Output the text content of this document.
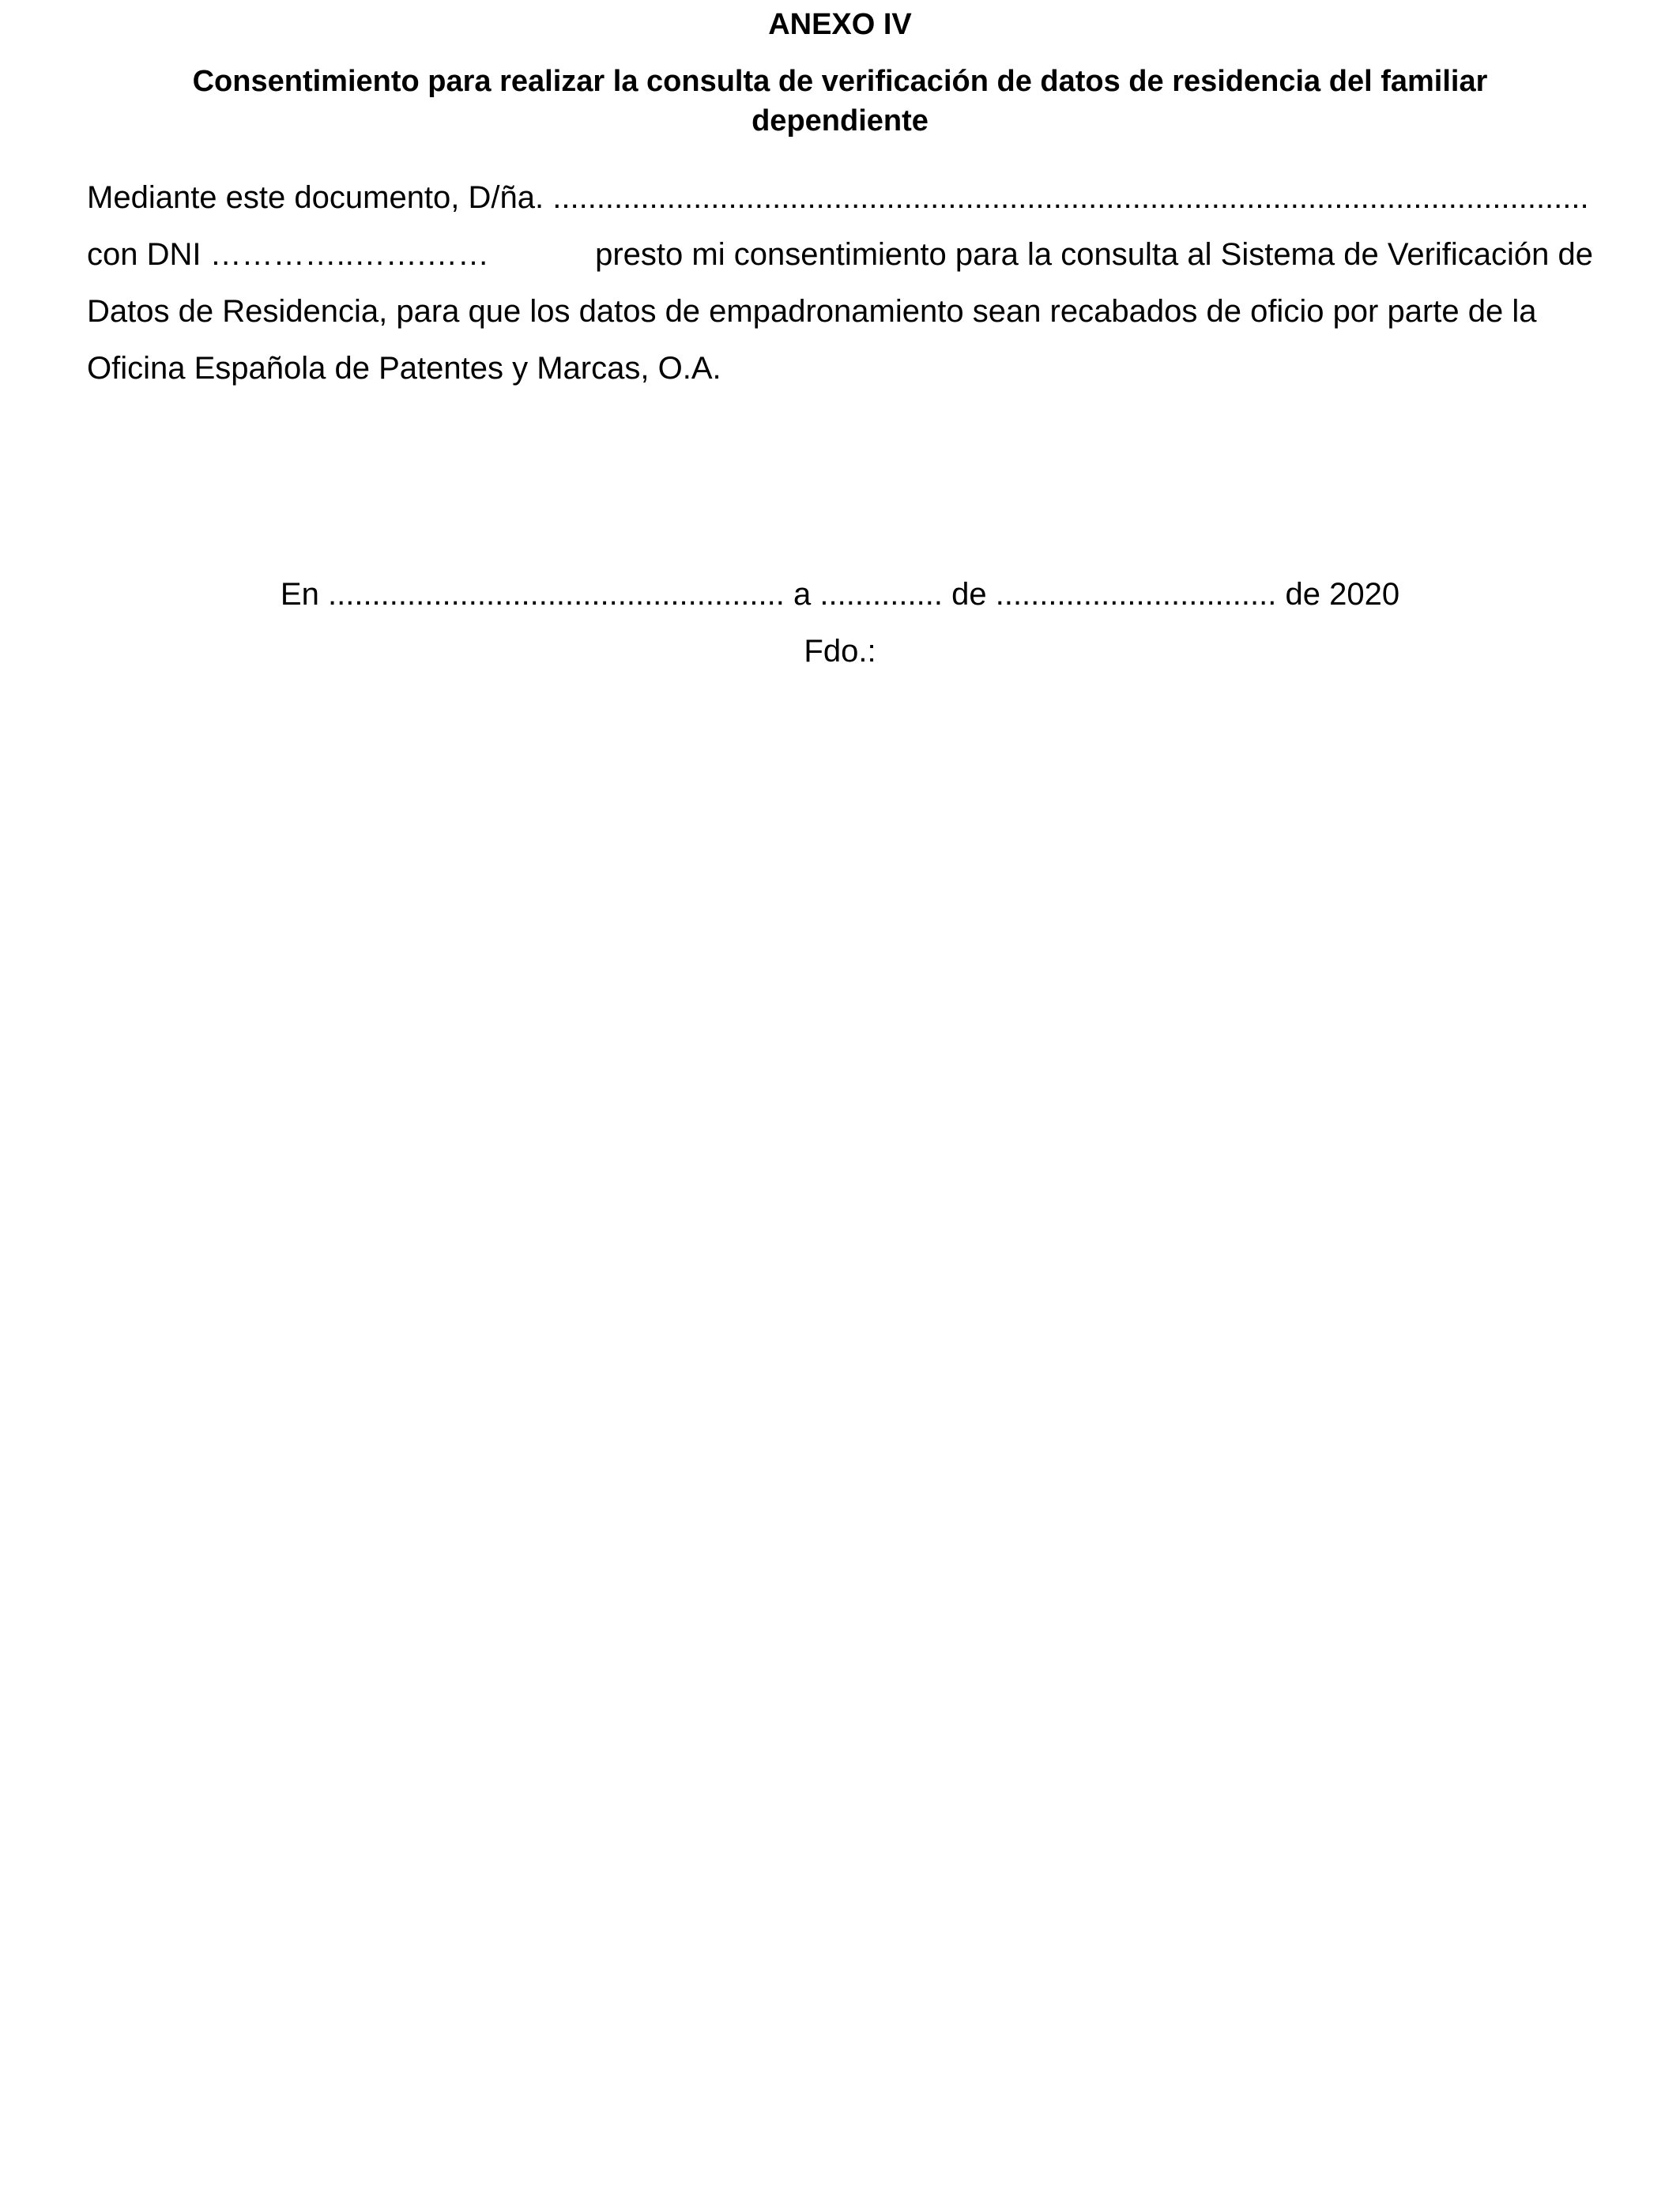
ANEXO IV
Consentimiento para realizar la consulta de verificación de datos de residencia del familiar dependiente
Mediante este documento, D/ña. ......................................................................................................................
con DNI …………..…….……	presto mi consentimiento para la consulta al Sistema de Verificación de
Datos de Residencia, para que los datos de empadronamiento sean recabados de oficio por parte de la
Oficina Española de Patentes y Marcas, O.A.
En .................................................... a .............. de ................................ de 2020
Fdo.:
